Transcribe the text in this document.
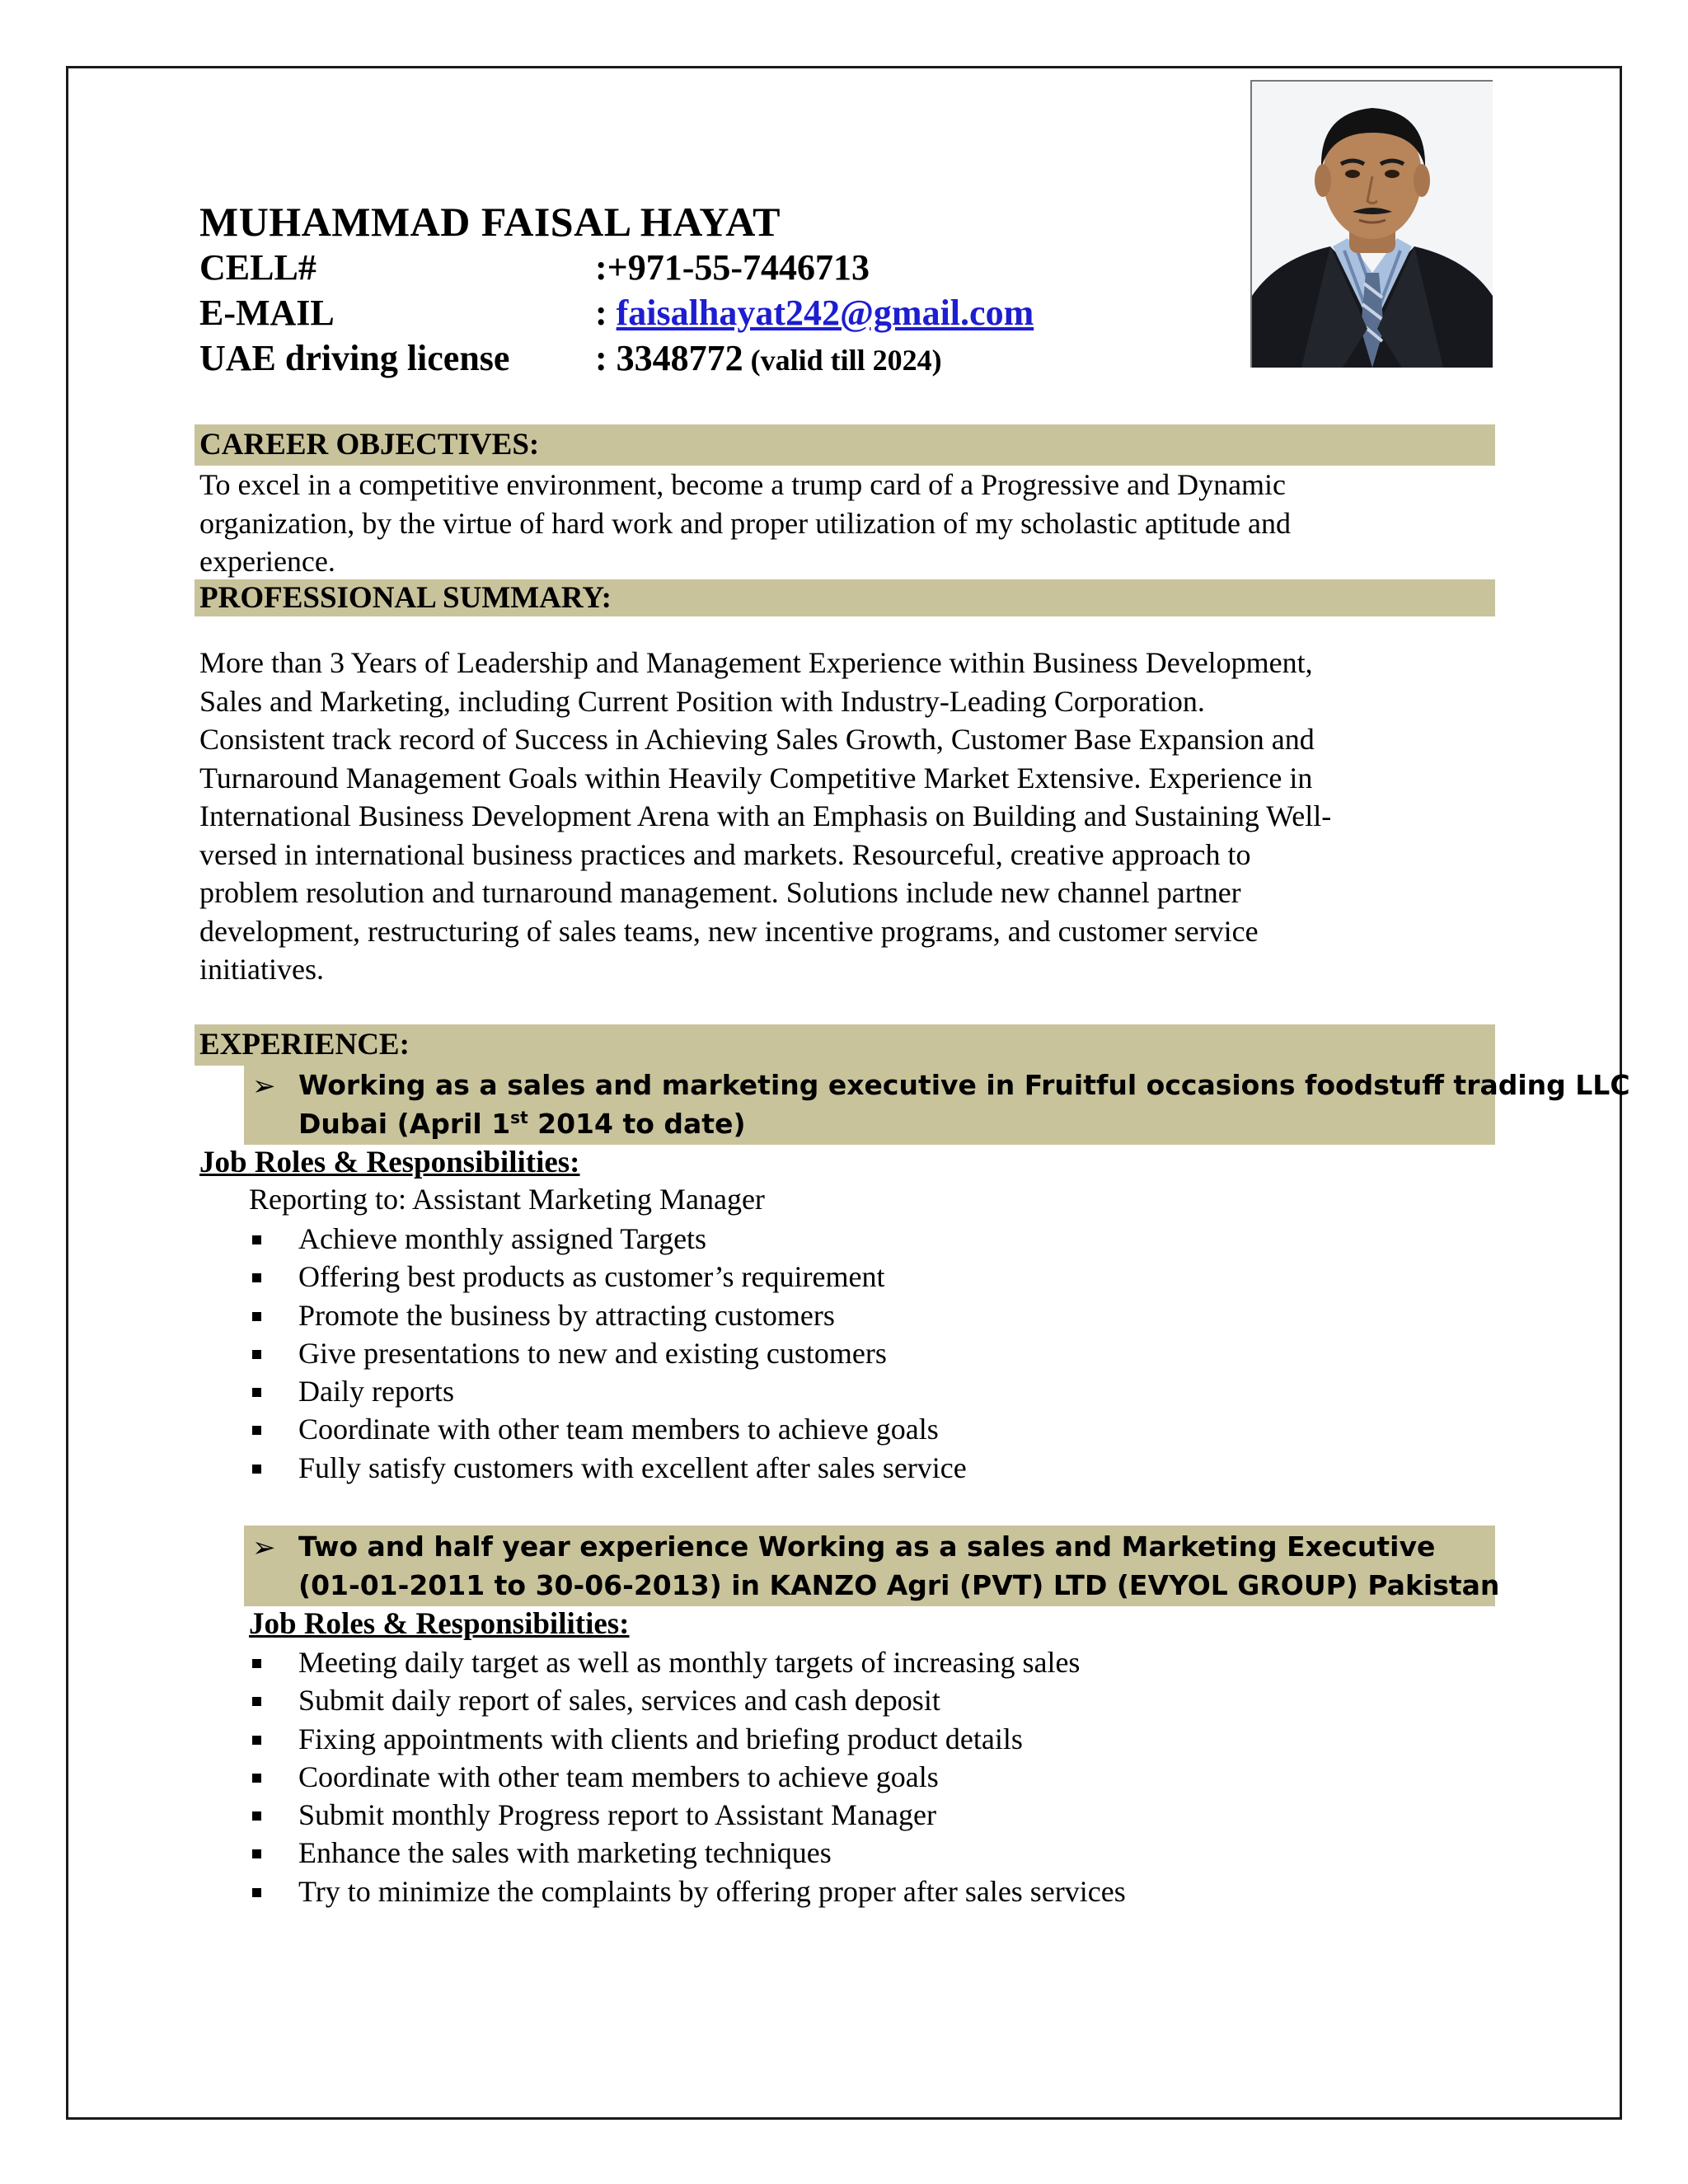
MUHAMMAD FAISAL HAYAT
CELL#	:+971-55-7446713
E-MAIL	: faisalhayat242@gmail.com
UAE driving license : 3348772 (valid till 2024)
CAREER OBJECTIVES:
To excel in a competitive environment, become a trump card of a Progressive and Dynamic
organization, by the virtue of hard work and proper utilization of my scholastic aptitude and
experience.
PROFESSIONAL SUMMARY:
More than 3 Years of Leadership and Management Experience within Business Development,
Sales and Marketing, including Current Position with Industry-Leading Corporation.
Consistent track record of Success in Achieving Sales Growth, Customer Base Expansion and
Turnaround Management Goals within Heavily Competitive Market Extensive. Experience in
International Business Development Arena with an Emphasis on Building and Sustaining Well-
versed in international business practices and markets. Resourceful, creative approach to
problem resolution and turnaround management. Solutions include new channel partner
development, restructuring of sales teams, new incentive programs, and customer service
initiatives.
EXPERIENCE:
➢ Working as a sales and marketing executive in Fruitful occasions foodstuff trading LLC
Dubai (April 1st 2014 to date)
Job Roles & Responsibilities:
Reporting to: Assistant Marketing Manager
Achieve monthly assigned Targets
Offering best products as customer’s requirement
Promote the business by attracting customers
Give presentations to new and existing customers
Daily reports
Coordinate with other team members to achieve goals
Fully satisfy customers with excellent after sales service
➢ Two and half year experience Working as a sales and Marketing Executive
(01-01-2011 to 30-06-2013) in KANZO Agri (PVT) LTD (EVYOL GROUP) Pakistan
Job Roles & Responsibilities:
Meeting daily target as well as monthly targets of increasing sales
Submit daily report of sales, services and cash deposit
Fixing appointments with clients and briefing product details
Coordinate with other team members to achieve goals
Submit monthly Progress report to Assistant Manager
Enhance the sales with marketing techniques
Try to minimize the complaints by offering proper after sales services
